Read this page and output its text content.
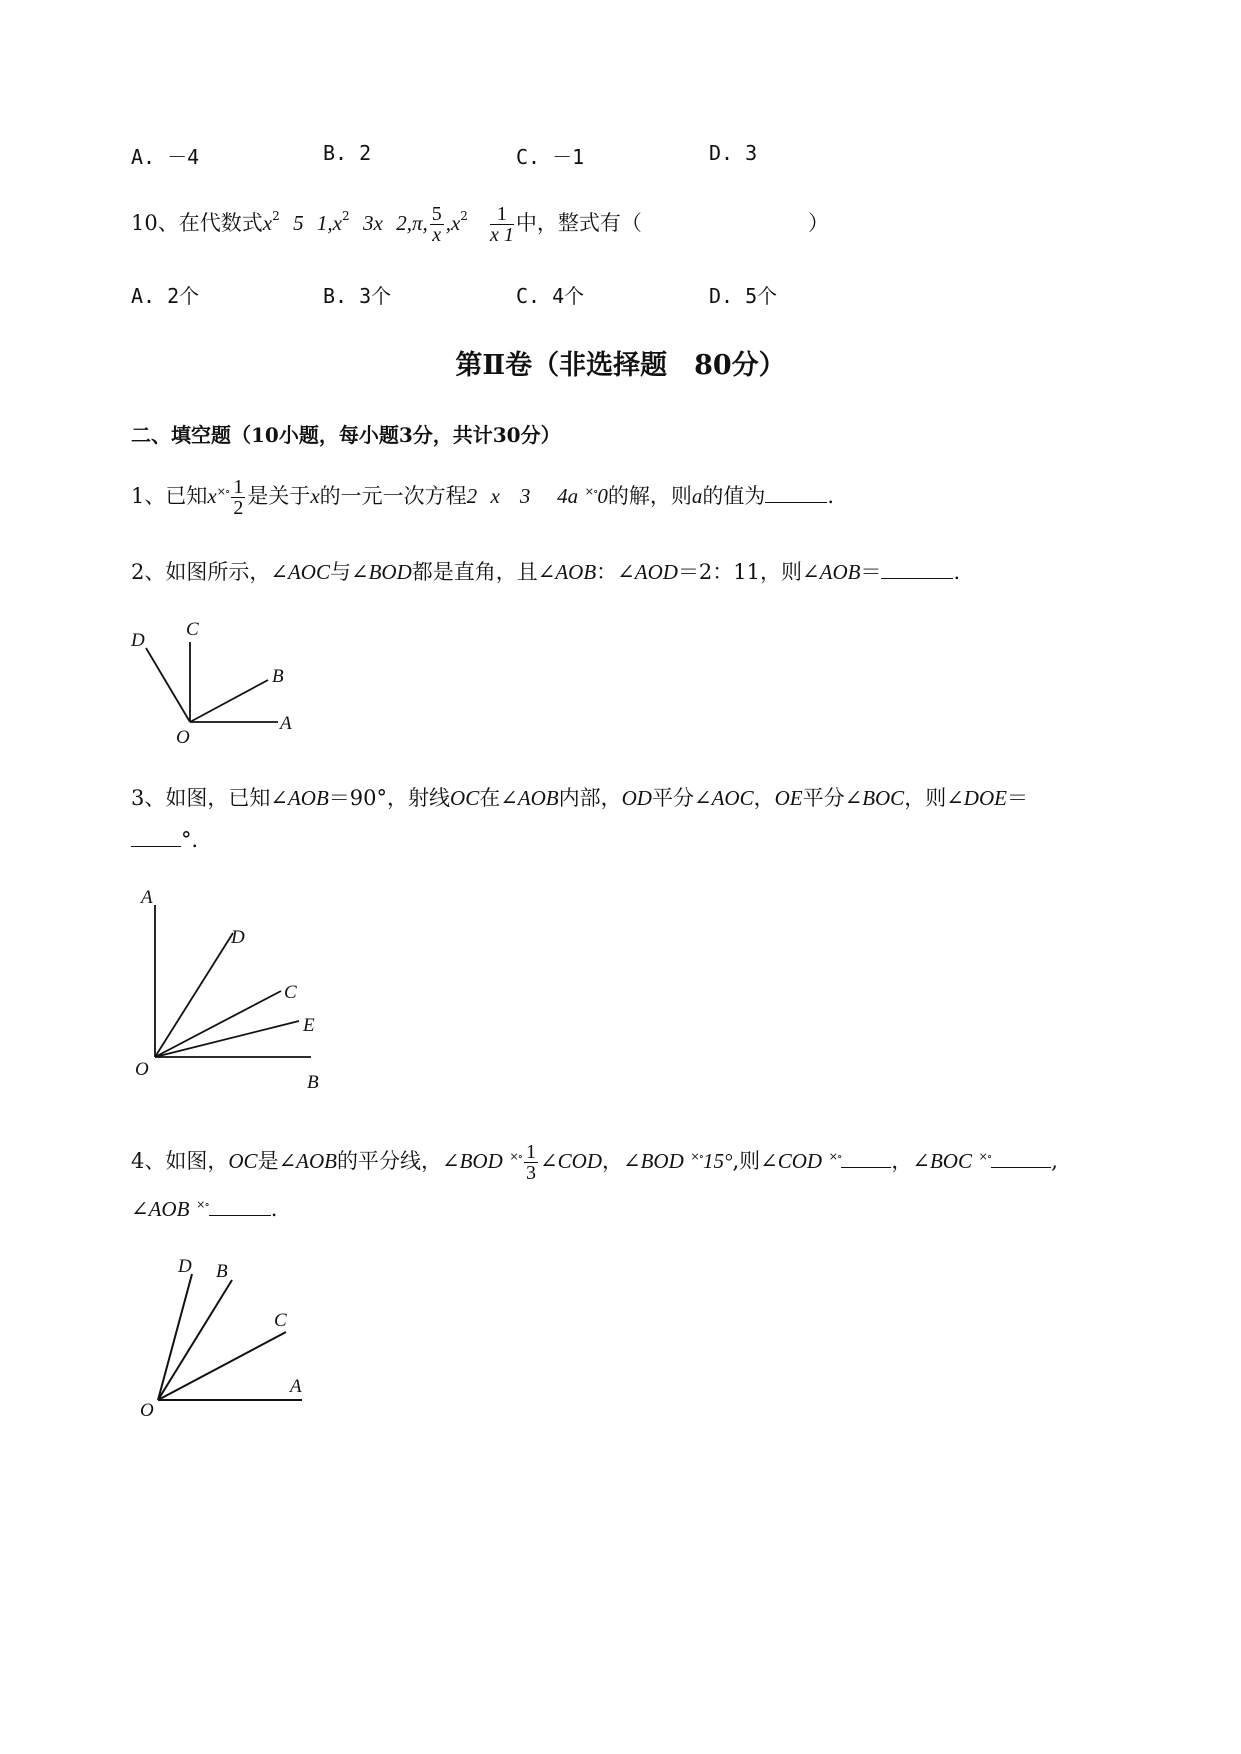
A. －4	B. 2	C. －1	D. 3
10、在代数式$x^2$ 5 $1,x^2$ 3x 2,π, $\frac{5}{x} ,x^2 \frac{1}{x 1}$ 中，整式有（	）
A. 2个	B. 3个	C. 4个	D. 5个
第Ⅱ卷（非选择题　80分）
二、填空题（10小题，每小题3分，共计30分）
1、已知$x^{\times\circ} \frac{1}{2}$ 是关于x的一元一次方程2 x 3 4a ×∘0的解，则a的值为	.
2、如图所示，∠AOC与∠BOD都是直角，且∠AOB：∠AOD＝2：11，则∠AOB＝	.
D
C
B
A
O
3、如图，已知∠AOB＝90°，射线OC在∠AOB内部，OD平分∠AOC，OE平分∠BOC，则∠DOE＝
°．
A
D
C
E
O
B
4、如图，OC是∠AOB的平分线，∠BOD $^{\times\circ} \frac{1}{3}$ ∠COD，∠BOD ×∘15°,则∠COD ×∘ ，∠BOC ×∘	,
∠AOB ×∘	.
D B
C
A
O
